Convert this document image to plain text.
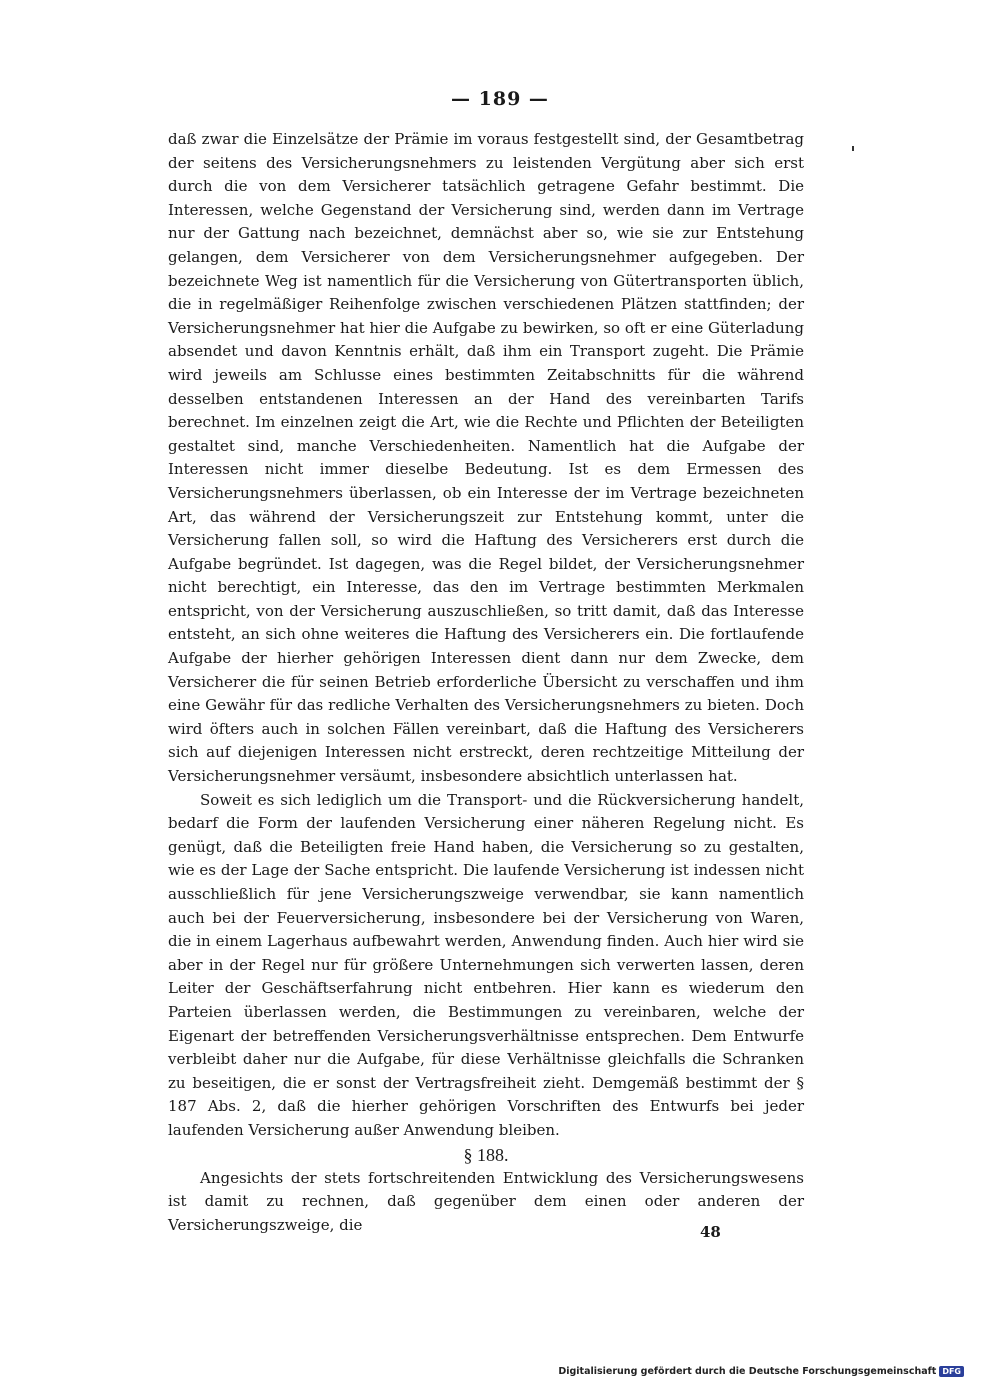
— 189 —

daß zwar die Einzelsätze der Prämie im voraus festgestellt sind, der Gesamtbetrag der seitens des Versicherungsnehmers zu leistenden Vergütung aber sich erst durch die von dem Versicherer tatsächlich getragene Gefahr bestimmt. Die Interessen, welche Gegenstand der Versicherung sind, werden dann im Vertrage nur der Gattung nach bezeichnet, demnächst aber so, wie sie zur Entstehung gelangen, dem Versicherer von dem Versicherungsnehmer aufgegeben. Der bezeichnete Weg ist namentlich für die Versicherung von Gütertransporten üblich, die in regelmäßiger Reihenfolge zwischen verschiedenen Plätzen stattfinden; der Versicherungsnehmer hat hier die Aufgabe zu bewirken, so oft er eine Güterladung absendet und davon Kenntnis erhält, daß ihm ein Transport zugeht. Die Prämie wird jeweils am Schlusse eines bestimmten Zeitabschnitts für die während desselben entstandenen Interessen an der Hand des vereinbarten Tarifs berechnet. Im einzelnen zeigt die Art, wie die Rechte und Pflichten der Beteiligten gestaltet sind, manche Verschiedenheiten. Namentlich hat die Aufgabe der Interessen nicht immer dieselbe Bedeutung. Ist es dem Ermessen des Versicherungsnehmers überlassen, ob ein Interesse der im Vertrage bezeichneten Art, das während der Versicherungszeit zur Entstehung kommt, unter die Versicherung fallen soll, so wird die Haftung des Versicherers erst durch die Aufgabe begründet. Ist dagegen, was die Regel bildet, der Versicherungsnehmer nicht berechtigt, ein Interesse, das den im Vertrage bestimmten Merkmalen entspricht, von der Versicherung auszuschließen, so tritt damit, daß das Interesse entsteht, an sich ohne weiteres die Haftung des Versicherers ein. Die fortlaufende Aufgabe der hierher gehörigen Interessen dient dann nur dem Zwecke, dem Versicherer die für seinen Betrieb erforderliche Übersicht zu verschaffen und ihm eine Gewähr für das redliche Verhalten des Versicherungsnehmers zu bieten. Doch wird öfters auch in solchen Fällen vereinbart, daß die Haftung des Versicherers sich auf diejenigen Interessen nicht erstreckt, deren rechtzeitige Mitteilung der Versicherungsnehmer versäumt, insbesondere absichtlich unterlassen hat.

Soweit es sich lediglich um die Transport- und die Rückversicherung handelt, bedarf die Form der laufenden Versicherung einer näheren Regelung nicht. Es genügt, daß die Beteiligten freie Hand haben, die Versicherung so zu gestalten, wie es der Lage der Sache entspricht. Die laufende Versicherung ist indessen nicht ausschließlich für jene Versicherungszweige verwendbar, sie kann namentlich auch bei der Feuerversicherung, insbesondere bei der Versicherung von Waren, die in einem Lagerhaus aufbewahrt werden, Anwendung finden. Auch hier wird sie aber in der Regel nur für größere Unternehmungen sich verwerten lassen, deren Leiter der Geschäftserfahrung nicht entbehren. Hier kann es wiederum den Parteien überlassen werden, die Bestimmungen zu vereinbaren, welche der Eigenart der betreffenden Versicherungsverhältnisse entsprechen. Dem Entwurfe verbleibt daher nur die Aufgabe, für diese Verhältnisse gleichfalls die Schranken zu beseitigen, die er sonst der Vertragsfreiheit zieht. Demgemäß bestimmt der § 187 Abs. 2, daß die hierher gehörigen Vorschriften des Entwurfs bei jeder laufenden Versicherung außer Anwendung bleiben.

§ 188.

Angesichts der stets fortschreitenden Entwicklung des Versicherungswesens ist damit zu rechnen, daß gegenüber dem einen oder anderen der Versicherungszweige, die	48
Digitalisierung gefördert durch die Deutsche Forschungsgemeinschaft DFG
